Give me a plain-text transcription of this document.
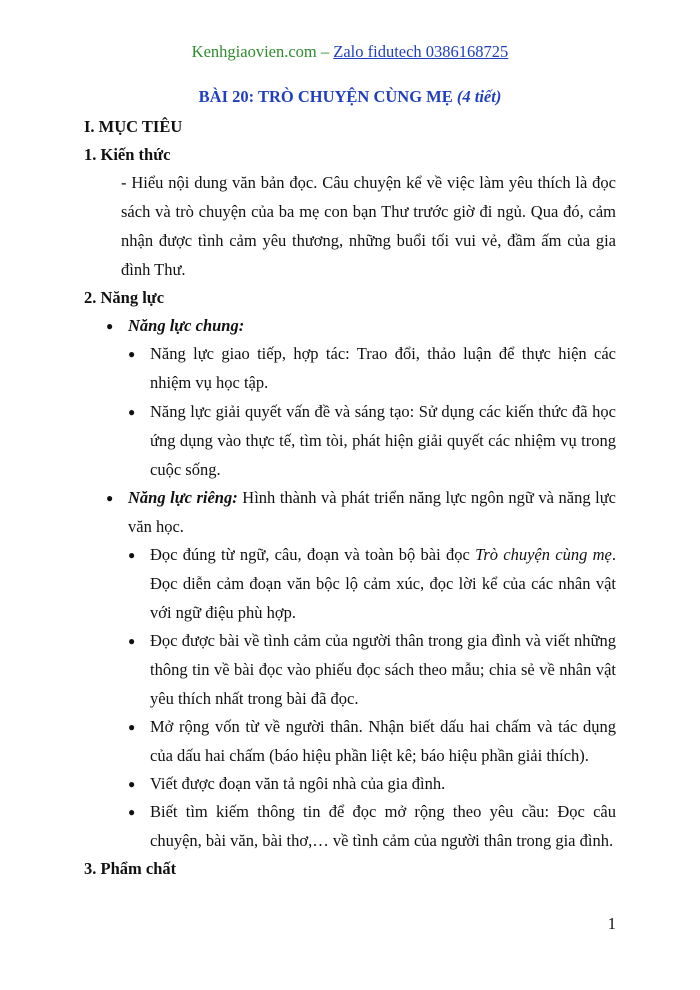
Kenhgiaovien.com – Zalo fidutech 0386168725
BÀI 20: TRÒ CHUYỆN CÙNG MẸ (4 tiết)
I. MỤC TIÊU
1. Kiến thức
- Hiểu nội dung văn bản đọc. Câu chuyện kể về việc làm yêu thích là đọc
sách và trò chuyện của ba mẹ con bạn Thư trước giờ đi ngủ. Qua đó, cảm
nhận được tình cảm yêu thương, những buổi tối vui vẻ, đầm ấm của gia
đình Thư.
2. Năng lực
● Năng lực chung:
● Năng lực giao tiếp, hợp tác: Trao đổi, thảo luận để thực hiện các
nhiệm vụ học tập.
● Năng lực giải quyết vấn đề và sáng tạo: Sử dụng các kiến thức đã học
ứng dụng vào thực tế, tìm tòi, phát hiện giải quyết các nhiệm vụ trong
cuộc sống.
● Năng lực riêng: Hình thành và phát triển năng lực ngôn ngữ và năng lực
văn học.
● Đọc đúng từ ngữ, câu, đoạn và toàn bộ bài đọc Trò chuyện cùng mẹ.
Đọc diễn cảm đoạn văn bộc lộ cảm xúc, đọc lời kể của các nhân vật
với ngữ điệu phù hợp.
● Đọc được bài về tình cảm của người thân trong gia đình và viết những
thông tin về bài đọc vào phiếu đọc sách theo mẫu; chia sẻ về nhân vật
yêu thích nhất trong bài đã đọc.
● Mở rộng vốn từ về người thân. Nhận biết dấu hai chấm và tác dụng
của dấu hai chấm (báo hiệu phần liệt kê; báo hiệu phần giải thích).
● Viết được đoạn văn tả ngôi nhà của gia đình.
● Biết tìm kiếm thông tin để đọc mở rộng theo yêu cầu: Đọc câu
chuyện, bài văn, bài thơ,… về tình cảm của người thân trong gia đình.
3. Phẩm chất
1
